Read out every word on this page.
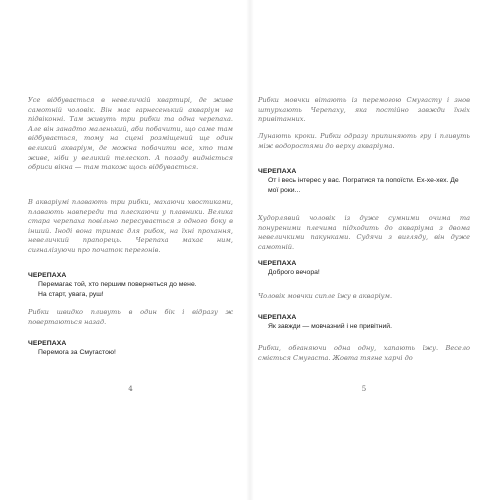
Усе відбувається в невеличкій квартирі, де живе самотній чоловік. Він має гарнесенький акваріум на підвіконні. Там живуть три рибки та одна черепаха. Але він занадто маленький, аби побачити, що саме там відбувається, тому на сцені розміщений ще один великий акваріум, де можна побачити все, хто там живе, ніби у великий телескоп. А позаду видніється обриси вікна — там також щось відбувається.

В акваріумі плавають три рибки, махаючи хвостиками, плавають навпереди та плескаючи у плавники. Велика стара черепаха повільно пересувається з одного боку в інший. Іноді вона тримає для рибок, на їхні прохання, невеличкий прапорець. Черепаха махає ним, сигналізуючи про початок перегонів.

ЧЕРЕПАХА

Перемагає той, хто першим повернеться до мене.

На старт, увага, руш!

Рибки швидко пливуть в один бік і відразу ж повертаються назад.

ЧЕРЕПАХА

Перемога за Смугастою!

4

Рибки мовчки вітають із перемогою Смугасту і знов штурхають Черепаху, яка постійно завжди їхніх привітанних.

Лунають кроки. Рибки одразу припиняють гру і пливуть між водоростями до верху акваріума.

ЧЕРЕПАХА

От і весь інтерес у вас. Погратися та попоїсти. Ех-хе-хех. Де мої роки...

Худорлявий чоловік із дуже сумними очима та понуреними плечима підходить до акваріума з двома невеличкими пакунками. Судячи з вигляду, він дуже самотній.

ЧЕРЕПАХА

Доброго вечора!

Чоловік мовчки сипле їжу в акваріум.

ЧЕРЕПАХА

Як завжди — мовчазний і не привітний.

Рибки, обганяючи одна одну, хапають їжу. Весело сміється Смугаста. Жовта тягне харчі до

5
